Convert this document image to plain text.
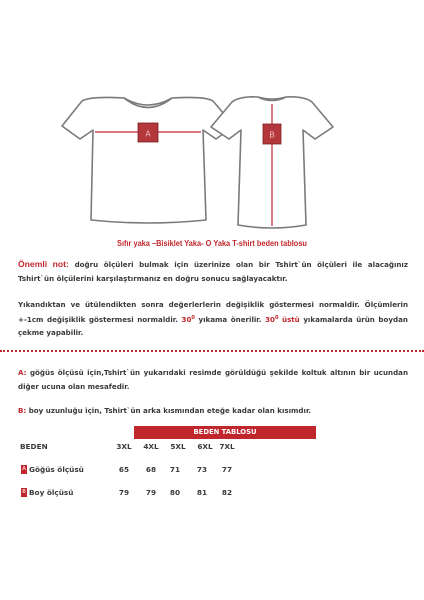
A	B
Sıfır yaka –Bisiklet Yaka- O Yaka T-shirt beden tablosu
Önemli not: doğru ölçüleri bulmak için üzerinize olan bir Tshirt`ün ölçüleri ile alacağınız Tshirt`ün ölçülerini karşılaştırmanız en doğru sonucu sağlayacaktır.
Yıkandıktan ve ütülendikten sonra değerlerlerin değişiklik göstermesi normaldir. Ölçümlerin +-1cm değişiklik göstermesi normaldir. $30^0$ yıkama önerilir. $30^0$ üstü yıkamalarda ürün boydan çekme yapabilir.
A: göğüs ölçüsü için,Tshirt`ün yukarıdaki resimde görüldüğü şekilde koltuk altının bir ucundan diğer ucuna olan mesafedir.
B: boy uzunluğu için, Tshirt`ün arka kısmından eteğe kadar olan kısımdır.
BEDEN TABLOSU
BEDEN	3XL	4XL	5XL	6XL 7XL
A Göğüs ölçüsü	65	68	71	73	77
B Boy ölçüsü	79	79	80	81	82
